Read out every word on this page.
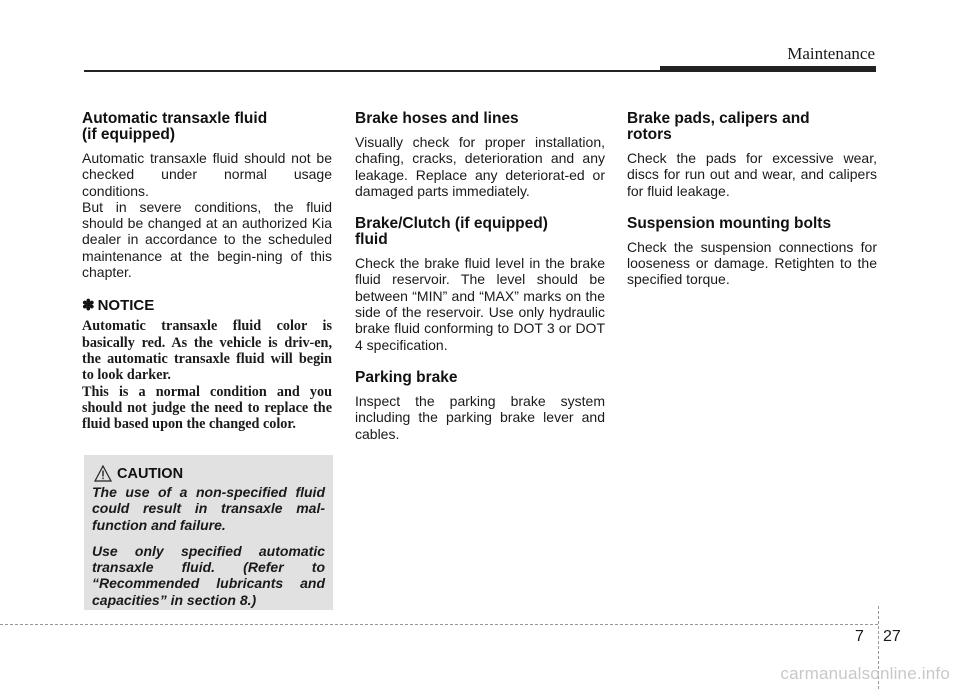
Maintenance
Automatic transaxle fluid
(if equipped)

Automatic transaxle fluid should not be checked under normal usage conditions.

But in severe conditions, the fluid should be changed at an authorized Kia dealer in accordance to the scheduled maintenance at the begin-ning of this chapter.

✽ NOTICE

Automatic transaxle fluid color is basically red. As the vehicle is driv-en, the automatic transaxle fluid will begin to look darker.

This is a normal condition and you should not judge the need to replace the fluid based upon the changed color.

CAUTION

The use of a non-specified fluid could result in transaxle mal-function and failure.

Use only specified automatic transaxle fluid. (Refer to “Recommended lubricants and capacities” in section 8.)

Brake hoses and lines

Visually check for proper installation, chafing, cracks, deterioration and any leakage. Replace any deteriorat-ed or damaged parts immediately.

Brake/Clutch (if equipped)
fluid

Check the brake fluid level in the brake fluid reservoir. The level should be between “MIN” and “MAX” marks on the side of the reservoir. Use only hydraulic brake fluid conforming to DOT 3 or DOT 4 specification.

Parking brake

Inspect the parking brake system including the parking brake lever and cables.

Brake pads, calipers and
rotors

Check the pads for excessive wear, discs for run out and wear, and calipers for fluid leakage.

Suspension mounting bolts

Check the suspension connections for looseness or damage. Retighten to the specified torque.

7 27
carmanualsonline.info
